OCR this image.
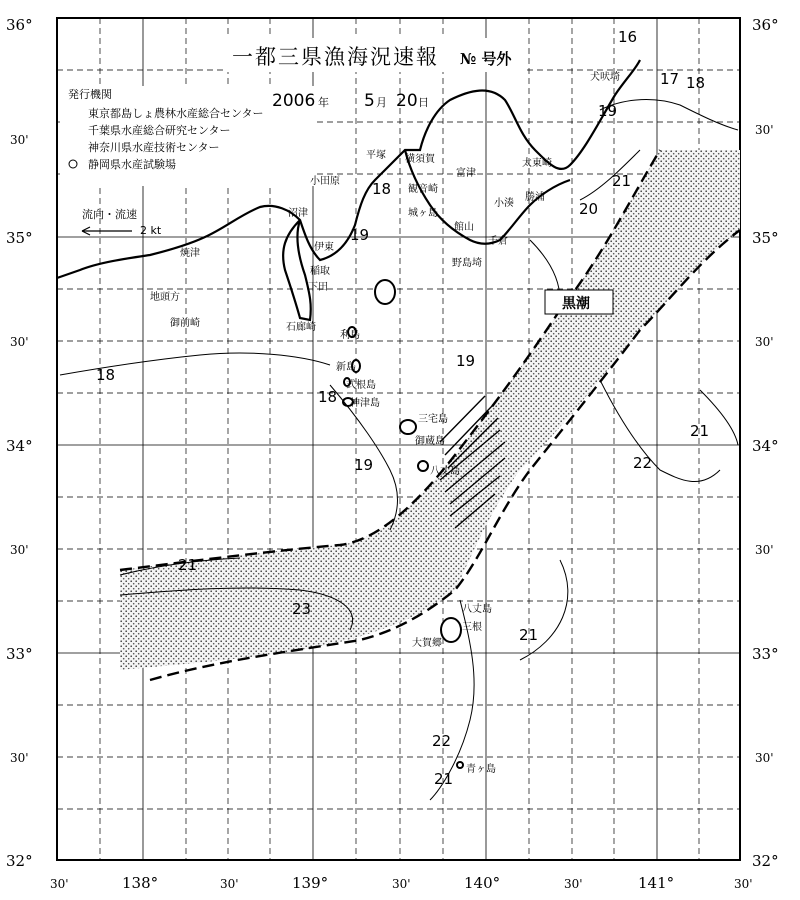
36°
30'
35°
30'
34°
30'
33°
30'
32°
36°
30'
35°
30'
34°
30'
33°
30'
32°
30'	138°	30'	139°	30'	140°	30'	141°	30'
一都三県漁海況速報 № 号外
2006 年 5 月 20 日
発行機関
東京都島しょ農林水産総合センター
千葉県水産総合研究センター
神奈川県水産技術センター
静岡県水産試験場
流向・流速
2 kt
黒潮
16
17 18
19
20
21
18
19
18
18
19
19
21
22
21
23
21
22
21
犬吠埼
太東崎
勝浦
小湊
千倉
野島埼
富津
横須賀
館山
城ヶ島
観音崎
平塚
小田原
沼津
伊東
稲取
下田
焼津
地頭方
御前崎	石廊崎
利島
新島
式根島
神津島
三宅島
御蔵島
八丈島
青ヶ島
大賀郷
三根
八丈島
